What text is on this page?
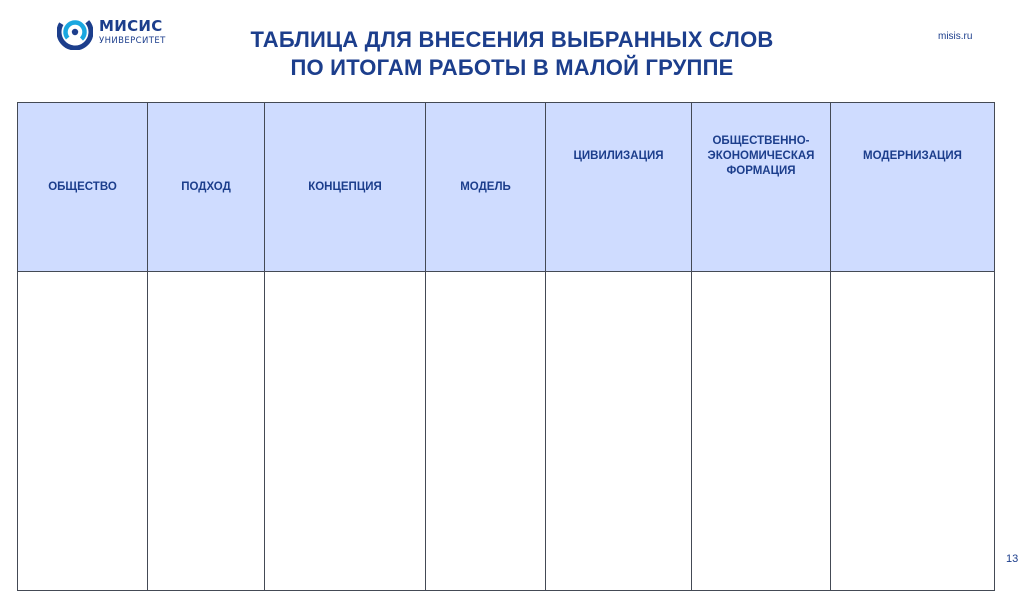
МИСИС
УНИВЕРСИТЕТ	misis.ru
ТАБЛИЦА ДЛЯ ВНЕСЕНИЯ ВЫБРАННЫХ СЛОВ
ПО ИТОГАМ РАБОТЫ В МАЛОЙ ГРУППЕ
ОБЩЕСТВО	ПОДХОД	КОНЦЕПЦИЯ	МОДЕЛЬ	ЦИВИЛИЗАЦИЯ	ОБЩЕСТВЕННО-
ЭКОНОМИЧЕСКАЯ
ФОРМАЦИЯ	МОДЕРНИЗАЦИЯ

13
